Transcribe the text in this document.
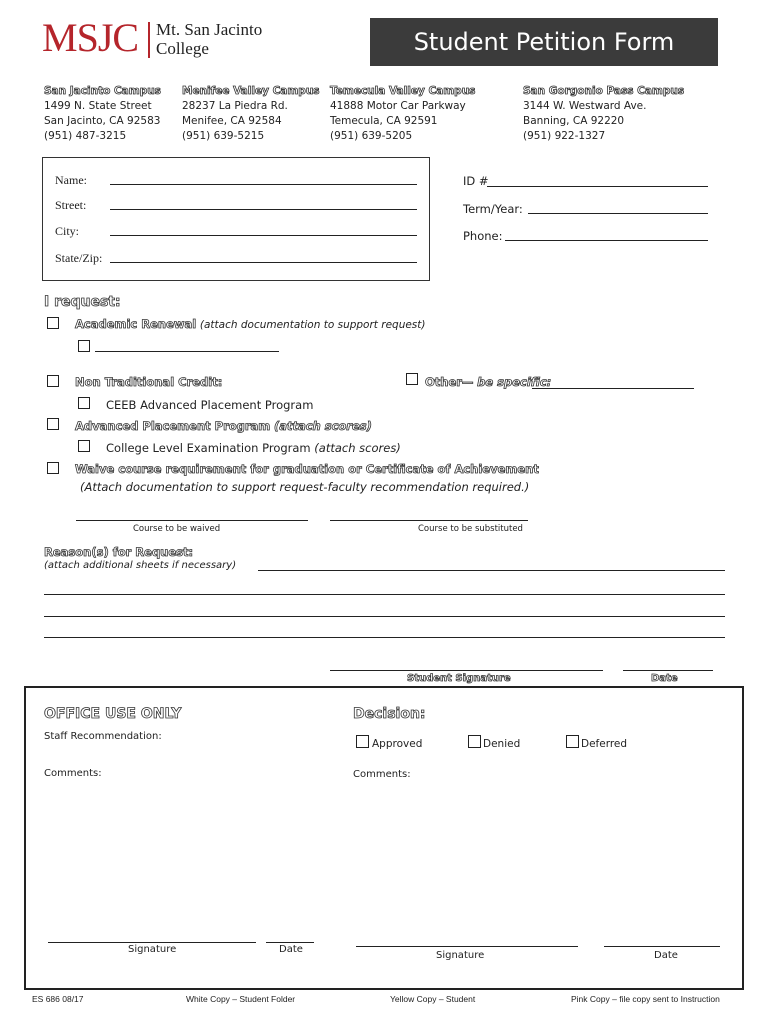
MSJC Mt. San Jacinto
College	Student Petition Form
San Jacinto Campus
1499 N. State Street
San Jacinto, CA 92583
(951) 487-3215
Menifee Valley Campus
28237 La Piedra Rd.
Menifee, CA 92584
(951) 639-5215
Temecula Valley Campus
41888 Motor Car Parkway
Temecula, CA 92591
(951) 639-5205
San Gorgonio Pass Campus
3144 W. Westward Ave.
Banning, CA 92220
(951) 922-1327
Name:
Street:
City:
State/Zip:
ID #
Term/Year:
Phone:
I request:
Academic Renewal (attach documentation to support request)
Non Traditional Credit:	Other— be specific:
CEEB Advanced Placement Program
Advanced Placement Program (attach scores)
College Level Examination Program (attach scores)
Waive course requirement for graduation or Certificate of Achievement
(Attach documentation to support request-faculty recommendation required.)
Course to be waived	Course to be substituted
Reason(s) for Request:
(attach additional sheets if necessary)
Student Signature	Date
OFFICE USE ONLY
Staff Recommendation:
Comments:
Signature	Date
Decision:
Approved	Denied	Deferred
Comments:
Signature	Date
ES 686 08/17	White Copy – Student Folder	Yellow Copy – Student	Pink Copy – file copy sent to Instruction
